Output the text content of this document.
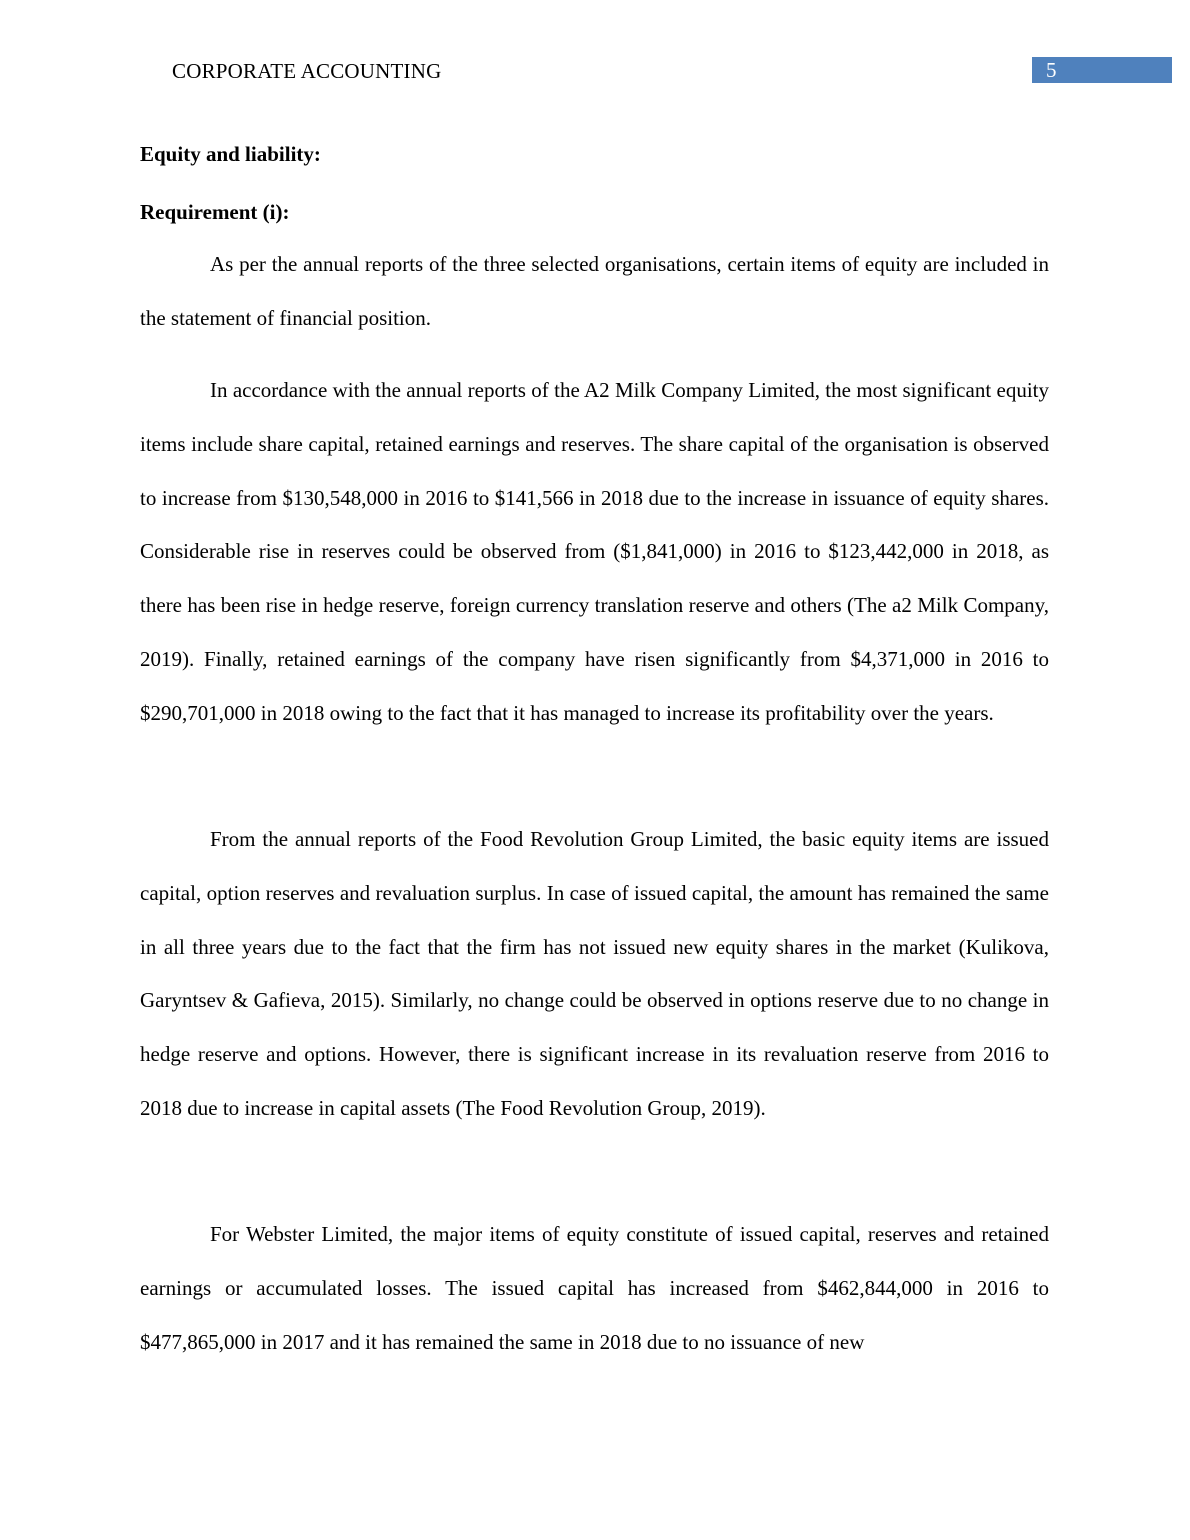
CORPORATE ACCOUNTING	5
Equity and liability:
Requirement (i):

As per the annual reports of the three selected organisations, certain items of equity are included in the statement of financial position.

In accordance with the annual reports of the A2 Milk Company Limited, the most significant equity items include share capital, retained earnings and reserves. The share capital of the organisation is observed to increase from $130,548,000 in 2016 to $141,566 in 2018 due to the increase in issuance of equity shares. Considerable rise in reserves could be observed from ($1,841,000) in 2016 to $123,442,000 in 2018, as there has been rise in hedge reserve, foreign currency translation reserve and others (The a2 Milk Company, 2019). Finally, retained earnings of the company have risen significantly from $4,371,000 in 2016 to $290,701,000 in 2018 owing to the fact that it has managed to increase its profitability over the years.

From the annual reports of the Food Revolution Group Limited, the basic equity items are issued capital, option reserves and revaluation surplus. In case of issued capital, the amount has remained the same in all three years due to the fact that the firm has not issued new equity shares in the market (Kulikova, Garyntsev & Gafieva, 2015). Similarly, no change could be observed in options reserve due to no change in hedge reserve and options. However, there is significant increase in its revaluation reserve from 2016 to 2018 due to increase in capital assets (The Food Revolution Group, 2019).

For Webster Limited, the major items of equity constitute of issued capital, reserves and retained earnings or accumulated losses. The issued capital has increased from $462,844,000 in 2016 to $477,865,000 in 2017 and it has remained the same in 2018 due to no issuance of new
